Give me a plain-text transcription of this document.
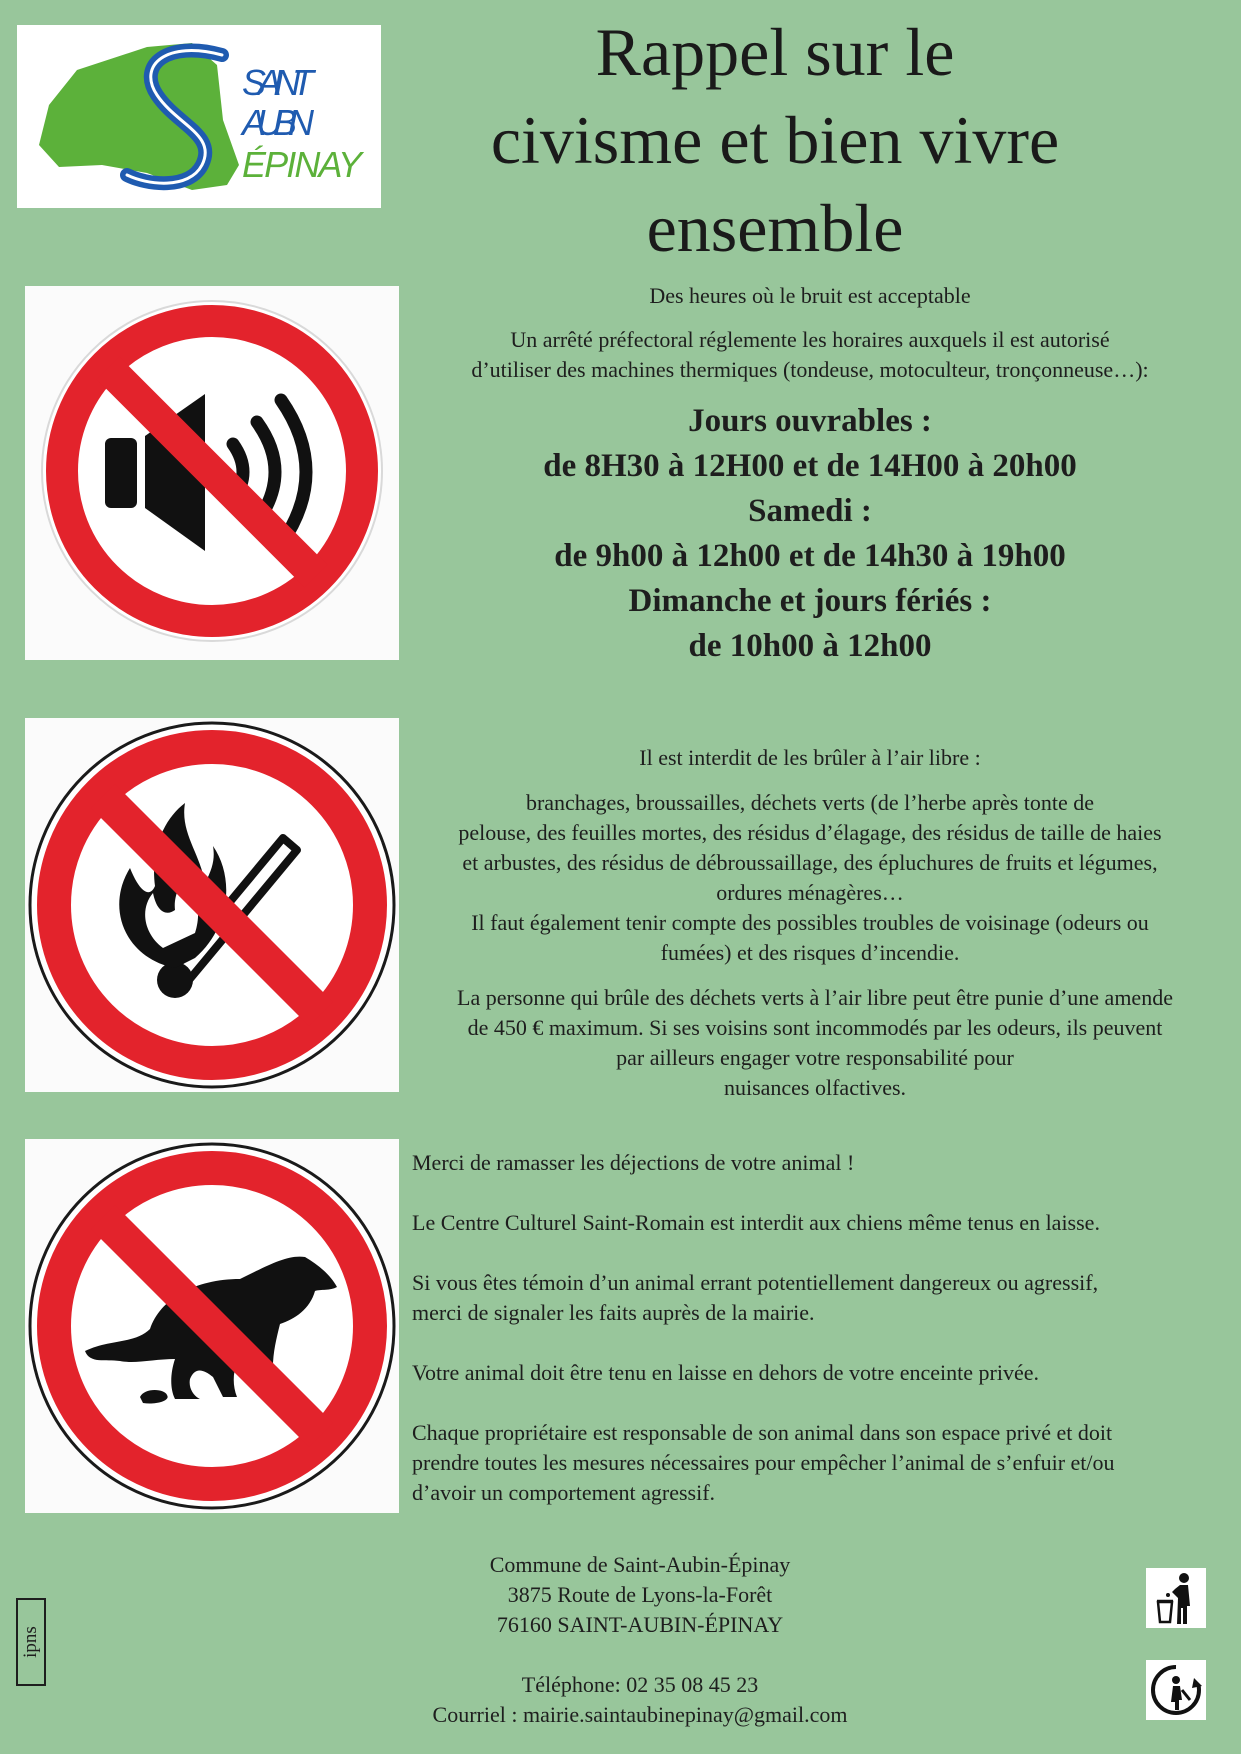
SAINT
AUBIN
ÉPINAY
Rappel sur le
civisme et bien vivre
ensemble
Des heures où le bruit est acceptable
Un arrêté préfectoral réglemente les horaires auxquels il est autorisé
d’utiliser des machines thermiques (tondeuse, motoculteur, tronçonneuse…):
Jours ouvrables :
de 8H30 à 12H00 et de 14H00 à 20h00
Samedi :
de 9h00 à 12h00 et de 14h30 à 19h00
Dimanche et jours fériés :
de 10h00 à 12h00
Il est interdit de les brûler à l’air libre :
branchages, broussailles, déchets verts (de l’herbe après tonte de
pelouse, des feuilles mortes, des résidus d’élagage, des résidus de taille de haies
et arbustes, des résidus de débroussaillage, des épluchures de fruits et légumes,
ordures ménagères…
Il faut également tenir compte des possibles troubles de voisinage (odeurs ou
fumées) et des risques d’incendie.
La personne qui brûle des déchets verts à l’air libre peut être punie d’une amende
de 450 € maximum. Si ses voisins sont incommodés par les odeurs, ils peuvent
par ailleurs engager votre responsabilité pour
nuisances olfactives.
Merci de ramasser les déjections de votre animal !
Le Centre Culturel Saint-Romain est interdit aux chiens même tenus en laisse.
Si vous êtes témoin d’un animal errant potentiellement dangereux ou agressif,
merci de signaler les faits auprès de la mairie.
Votre animal doit être tenu en laisse en dehors de votre enceinte privée.
Chaque propriétaire est responsable de son animal dans son espace privé et doit
prendre toutes les mesures nécessaires pour empêcher l’animal de s’enfuir et/ou
d’avoir un comportement agressif.
Commune de Saint-Aubin-Épinay
3875 Route de Lyons-la-Forêt
76160 SAINT-AUBIN-ÉPINAY
Téléphone: 02 35 08 45 23
Courriel : mairie.saintaubinepinay@gmail.com
ipns
